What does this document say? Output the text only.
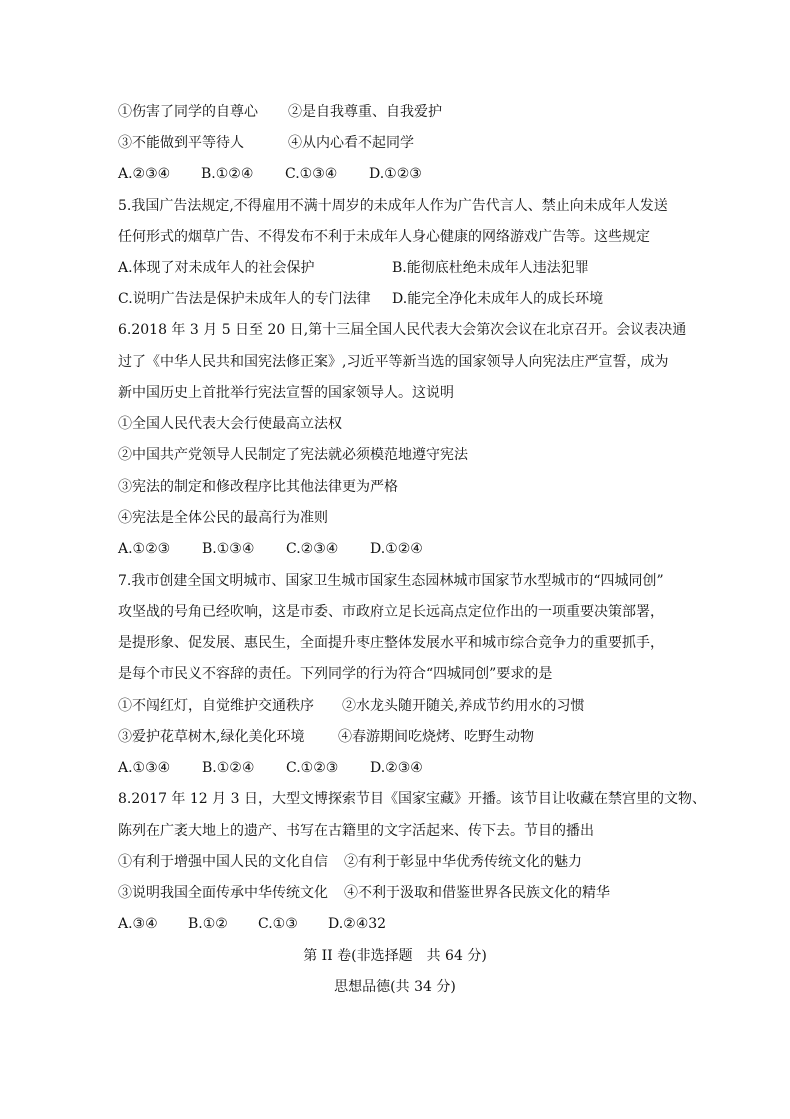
①伤害了同学的自尊心 ②是自我尊重、自我爱护
③不能做到平等待人	④从内心看不起同学
A.②③④ B.①②④ C.①③④ D.①②③
5.我国广告法规定,不得雇用不满十周岁的未成年人作为广告代言人、禁止向未成年人发送
任何形式的烟草广告、不得发布不利于未成年人身心健康的网络游戏广告等。这些规定
A.体现了对未成年人的社会保护	B.能彻底杜绝未成年人违法犯罪
C.说明广告法是保护未成年人的专门法律 D.能完全净化未成年人的成长环境
6.2018 年 3 月 5 日至 20 日,第十三届全国人民代表大会第次会议在北京召开。会议表决通
过了《中华人民共和国宪法修正案》,习近平等新当选的国家领导人向宪法庄严宣誓，成为
新中国历史上首批举行宪法宣誓的国家领导人。这说明
①全国人民代表大会行使最高立法权
②中国共产党领导人民制定了宪法就必须模范地遵守宪法
③宪法的制定和修改程序比其他法律更为严格
④宪法是全体公民的最高行为准则
A.①②③ B.①③④ C.②③④ D.①②④
7.我市创建全国文明城市、国家卫生城市国家生态园林城市国家节水型城市的“四城同创”
攻坚战的号角已经吹响，这是市委、市政府立足长远高点定位作出的一项重要决策部署，
是提形象、促发展、惠民生，全面提升枣庄整体发展水平和城市综合竞争力的重要抓手，
是每个市民义不容辞的责任。下列同学的行为符合“四城同创”要求的是
①不闯红灯，自觉维护交通秩序 ②水龙头随开随关,养成节约用水的习惯
③爱护花草树木,绿化美化环境 ④春游期间吃烧烤、吃野生动物
A.①③④ B.①②④ C.①②③ D.②③④
8.2017 年 12 月 3 日，大型文博探索节目《国家宝藏》开播。该节目让收藏在禁宫里的文物、
陈列在广袤大地上的遗产、书写在古籍里的文字活起来、传下去。节目的播出
①有利于增强中国人民的文化自信 ②有利于彰显中华优秀传统文化的魅力
③说明我国全面传承中华传统文化 ④不利于汲取和借鉴世界各民族文化的精华
A.③④ B.①② C.①③ D.②④32
第 II 卷(非选择题　共 64 分)
思想品德(共 34 分)
